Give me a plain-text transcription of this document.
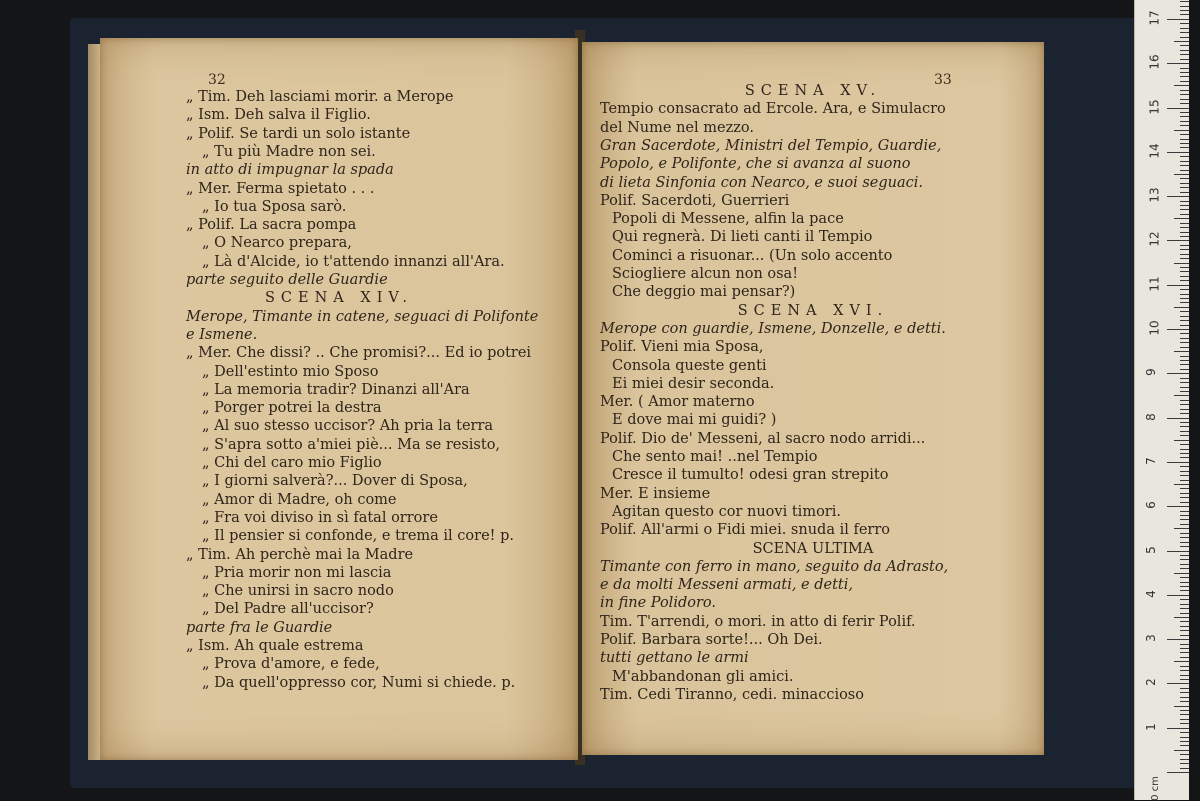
32
„ Tim. Deh lasciami morir. a Merope
„ Ism. Deh salva il Figlio.
„ Polif. Se tardi un solo istante
„ Tu più Madre non sei.
in atto di impugnar la spada
„ Mer. Ferma spietato . . .
„ Io tua Sposa sarò.
„ Polif. La sacra pompa
„ O Nearco prepara,
„ Là d'Alcide, io t'attendo innanzi all'Ara.
parte seguito delle Guardie
SCENA XIV.
Merope, Timante in catene, seguaci di Polifonte
e Ismene.
„ Mer. Che dissi? .. Che promisi?... Ed io potrei
„ Dell'estinto mio Sposo
„ La memoria tradir? Dinanzi all'Ara
„ Porger potrei la destra
„ Al suo stesso uccisor? Ah pria la terra
„ S'apra sotto a'miei piè... Ma se resisto,
„ Chi del caro mio Figlio
„ I giorni salverà?... Dover di Sposa,
„ Amor di Madre, oh come
„ Fra voi diviso in sì fatal orrore
„ Il pensier si confonde, e trema il core! p.
„ Tim. Ah perchè mai la Madre
„ Pria morir non mi lascia
„ Che unirsi in sacro nodo
„ Del Padre all'uccisor?
parte fra le Guardie
„ Ism. Ah quale estrema
„ Prova d'amore, e fede,
„ Da quell'oppresso cor, Numi si chiede. p.
33
SCENA XV.
Tempio consacrato ad Ercole. Ara, e Simulacro
del Nume nel mezzo.
Gran Sacerdote, Ministri del Tempio, Guardie,
Popolo, e Polifonte, che si avanza al suono
di lieta Sinfonia con Nearco, e suoi seguaci.
Polif. Sacerdoti, Guerrieri
Popoli di Messene, alfin la pace
Qui regnerà. Di lieti canti il Tempio
Cominci a risuonar... (Un solo accento
Sciogliere alcun non osa!
Che deggio mai pensar?)
SCENA XVI.
Merope con guardie, Ismene, Donzelle, e detti.
Polif. Vieni mia Sposa,
Consola queste genti
Ei miei desir seconda.
Mer. ( Amor materno
E dove mai mi guidi? )
Polif. Dio de' Messeni, al sacro nodo arridi...
Che sento mai! ..nel Tempio
Cresce il tumulto! odesi gran strepito
Mer. E insieme
Agitan questo cor nuovi timori.
Polif. All'armi o Fidi miei. snuda il ferro
SCENA ULTIMA
Timante con ferro in mano, seguito da Adrasto,
e da molti Messeni armati, e detti,
in fine Polidoro.
Tim. T'arrendi, o mori. in atto di ferir Polif.
Polif. Barbara sorte!... Oh Dei.
tutti gettano le armi
M'abbandonan gli amici.
Tim. Cedi Tiranno, cedi. minaccioso
1
2
3
4
5
6
7
8
9
10
11
12
13
14
15
16
17
0 cm
